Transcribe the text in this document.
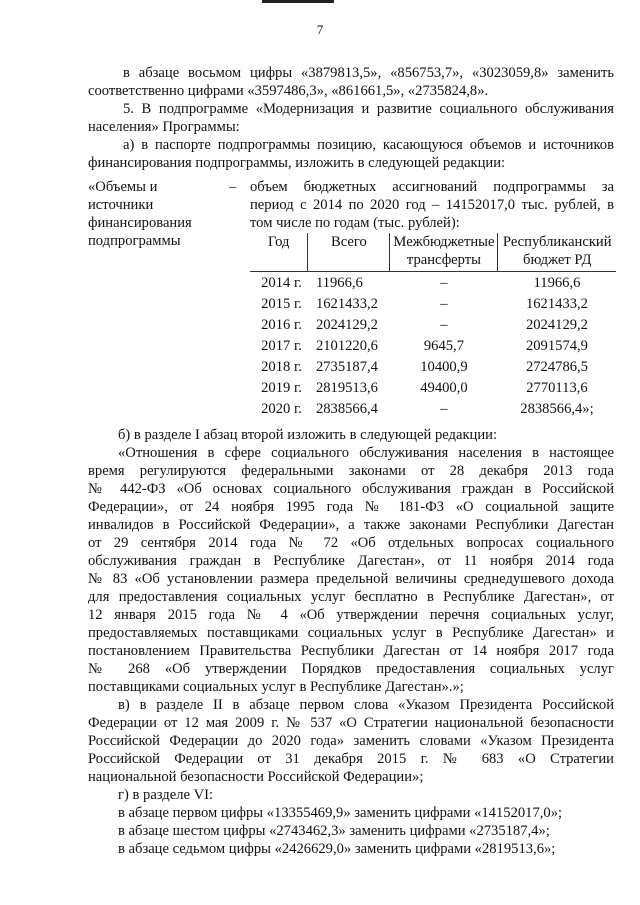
7
в абзаце восьмом цифры «3879813,5», «856753,7», «3023059,8» заменить
соответственно цифрами «3597486,3», «861661,5», «2735824,8».
5. В подпрограмме «Модернизация и развитие социального обслуживания
населения» Программы:
а) в паспорте подпрограммы позицию, касающуюся объемов и источников
финансирования подпрограммы, изложить в следующей редакции:
«Объемы и
источники
финансирования
подпрограммы
– объем бюджетных ассигнований подпрограммы за
период с 2014 по 2020 год – 14152017,0 тыс. рублей, в
том числе по годам (тыс. рублей):
Год	Всего	Межбюджетные трансферты	Республиканский бюджет РД
2014 г.	11966,6	–	11966,6
2015 г.	1621433,2	–	1621433,2
2016 г.	2024129,2	–	2024129,2
2017 г.	2101220,6	9645,7	2091574,9
2018 г.	2735187,4	10400,9	2724786,5
2019 г.	2819513,6	49400,0	2770113,6
2020 г.	2838566,4	–	2838566,4»;
б) в разделе I абзац второй изложить в следующей редакции:
«Отношения в сфере социального обслуживания населения в настоящее
время регулируются федеральными законами от 28 декабря 2013 года
№ 442-ФЗ «Об основах социального обслуживания граждан в Российской
Федерации», от 24 ноября 1995 года № 181-ФЗ «О социальной защите
инвалидов в Российской Федерации», а также законами Республики Дагестан
от 29 сентября 2014 года № 72 «Об отдельных вопросах социального
обслуживания граждан в Республике Дагестан», от 11 ноября 2014 года
№ 83 «Об установлении размера предельной величины среднедушевого дохода
для предоставления социальных услуг бесплатно в Республике Дагестан», от
12 января 2015 года № 4 «Об утверждении перечня социальных услуг,
предоставляемых поставщиками социальных услуг в Республике Дагестан» и
постановлением Правительства Республики Дагестан от 14 ноября 2017 года
№ 268 «Об утверждении Порядков предоставления социальных услуг
поставщиками социальных услуг в Республике Дагестан».»;
в) в разделе II в абзаце первом слова «Указом Президента Российской
Федерации от 12 мая 2009 г. № 537 «О Стратегии национальной безопасности
Российской Федерации до 2020 года» заменить словами «Указом Президента
Российской Федерации от 31 декабря 2015 г. № 683 «О Стратегии
национальной безопасности Российской Федерации»;
г) в разделе VI:
в абзаце первом цифры «13355469,9» заменить цифрами «14152017,0»;
в абзаце шестом цифры «2743462,3» заменить цифрами «2735187,4»;
в абзаце седьмом цифры «2426629,0» заменить цифрами «2819513,6»;
